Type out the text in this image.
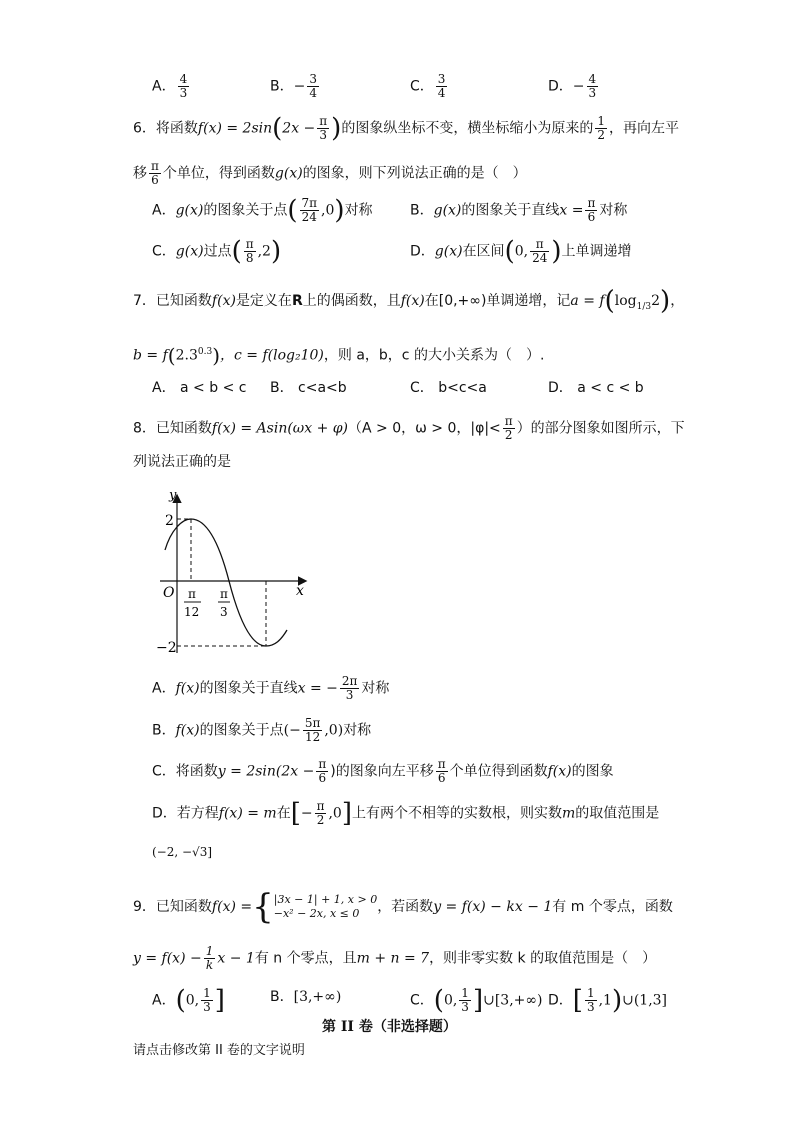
A． $\frac{4}{3}$	B．− $\frac{3}{4}$	C． $\frac{3}{4}$	D．− $\frac{4}{3}$
6．将函数$f(x) = 2\sin(2x - \frac{\pi}{3}$ )的图象纵坐标不变，横坐标缩小为原来的 $\frac{1}{2}$ ，再向左平
移 $\frac{\pi}{6}$ 个单位，得到函数g(x)的图象，则下列说法正确的是（　）
A．g(x)的图象关于点( $\frac{7\pi}{24} ,0$)对称	B．g(x)的图象关于直线$x = \frac{\pi}{6}$ 对称
C．g(x)过点( $\frac{\pi}{8} ,2$)	D．g(x)在区间(0, $\frac{\pi}{24}$ )上单调递增
7．已知函数f(x)是定义在R上的偶函数，且f(x)在[0,+∞)单调递增，记$a = f(\log_{1/3}2)$，
$b = f(2.3^{0.3})$，c = f(log₂10)，则 a，b，c 的大小关系为（　）.
A． a < b < c B． c<a<b	C． b<c<a	D． a < c < b
8．已知函数f(x) = Asin(ωx + φ)（A > 0，ω > 0，$|\varphi|< \frac{\pi}{2}$ ）的部分图象如图所示，下
列说法正确的是
y
x
O
2
−2
π
12
π
3
A．f(x)的图象关于直线x = − $\frac{2\pi}{3}$ 对称
B．f(x)的图象关于点(− $\frac{5\pi}{12} ,0$)对称
C．将函数$y = 2\sin(2x - \frac{\pi}{6}$ )的图象向左平移 $\frac{\pi}{6}$ 个单位得到函数f(x)的图象
D．若方程f(x) = m在[− $\frac{\pi}{2} ,0$]上有两个不相等的实数根，则实数m的取值范围是
(−2, −√3]
9．已知函数f(x) ={ |3x − 1| + 1, x > 0
−x² − 2x, x ≤ 0	，若函数y = f(x) − kx − 1有 m 个零点，函数
$y = f(x) - \frac{1}{k}$ x − 1有 n 个零点，且m + n = 7，则非零实数 k 的取值范围是（　）
A．(0, $\frac{1}{3}$ ]	B．[3,+∞)	C．(0, $\frac{1}{3}$ ]∪[3,+∞) D．[ $\frac{1}{3}$ ,1)∪(1,3]
第 II 卷（非选择题）
请点击修改第 II 卷的文字说明
